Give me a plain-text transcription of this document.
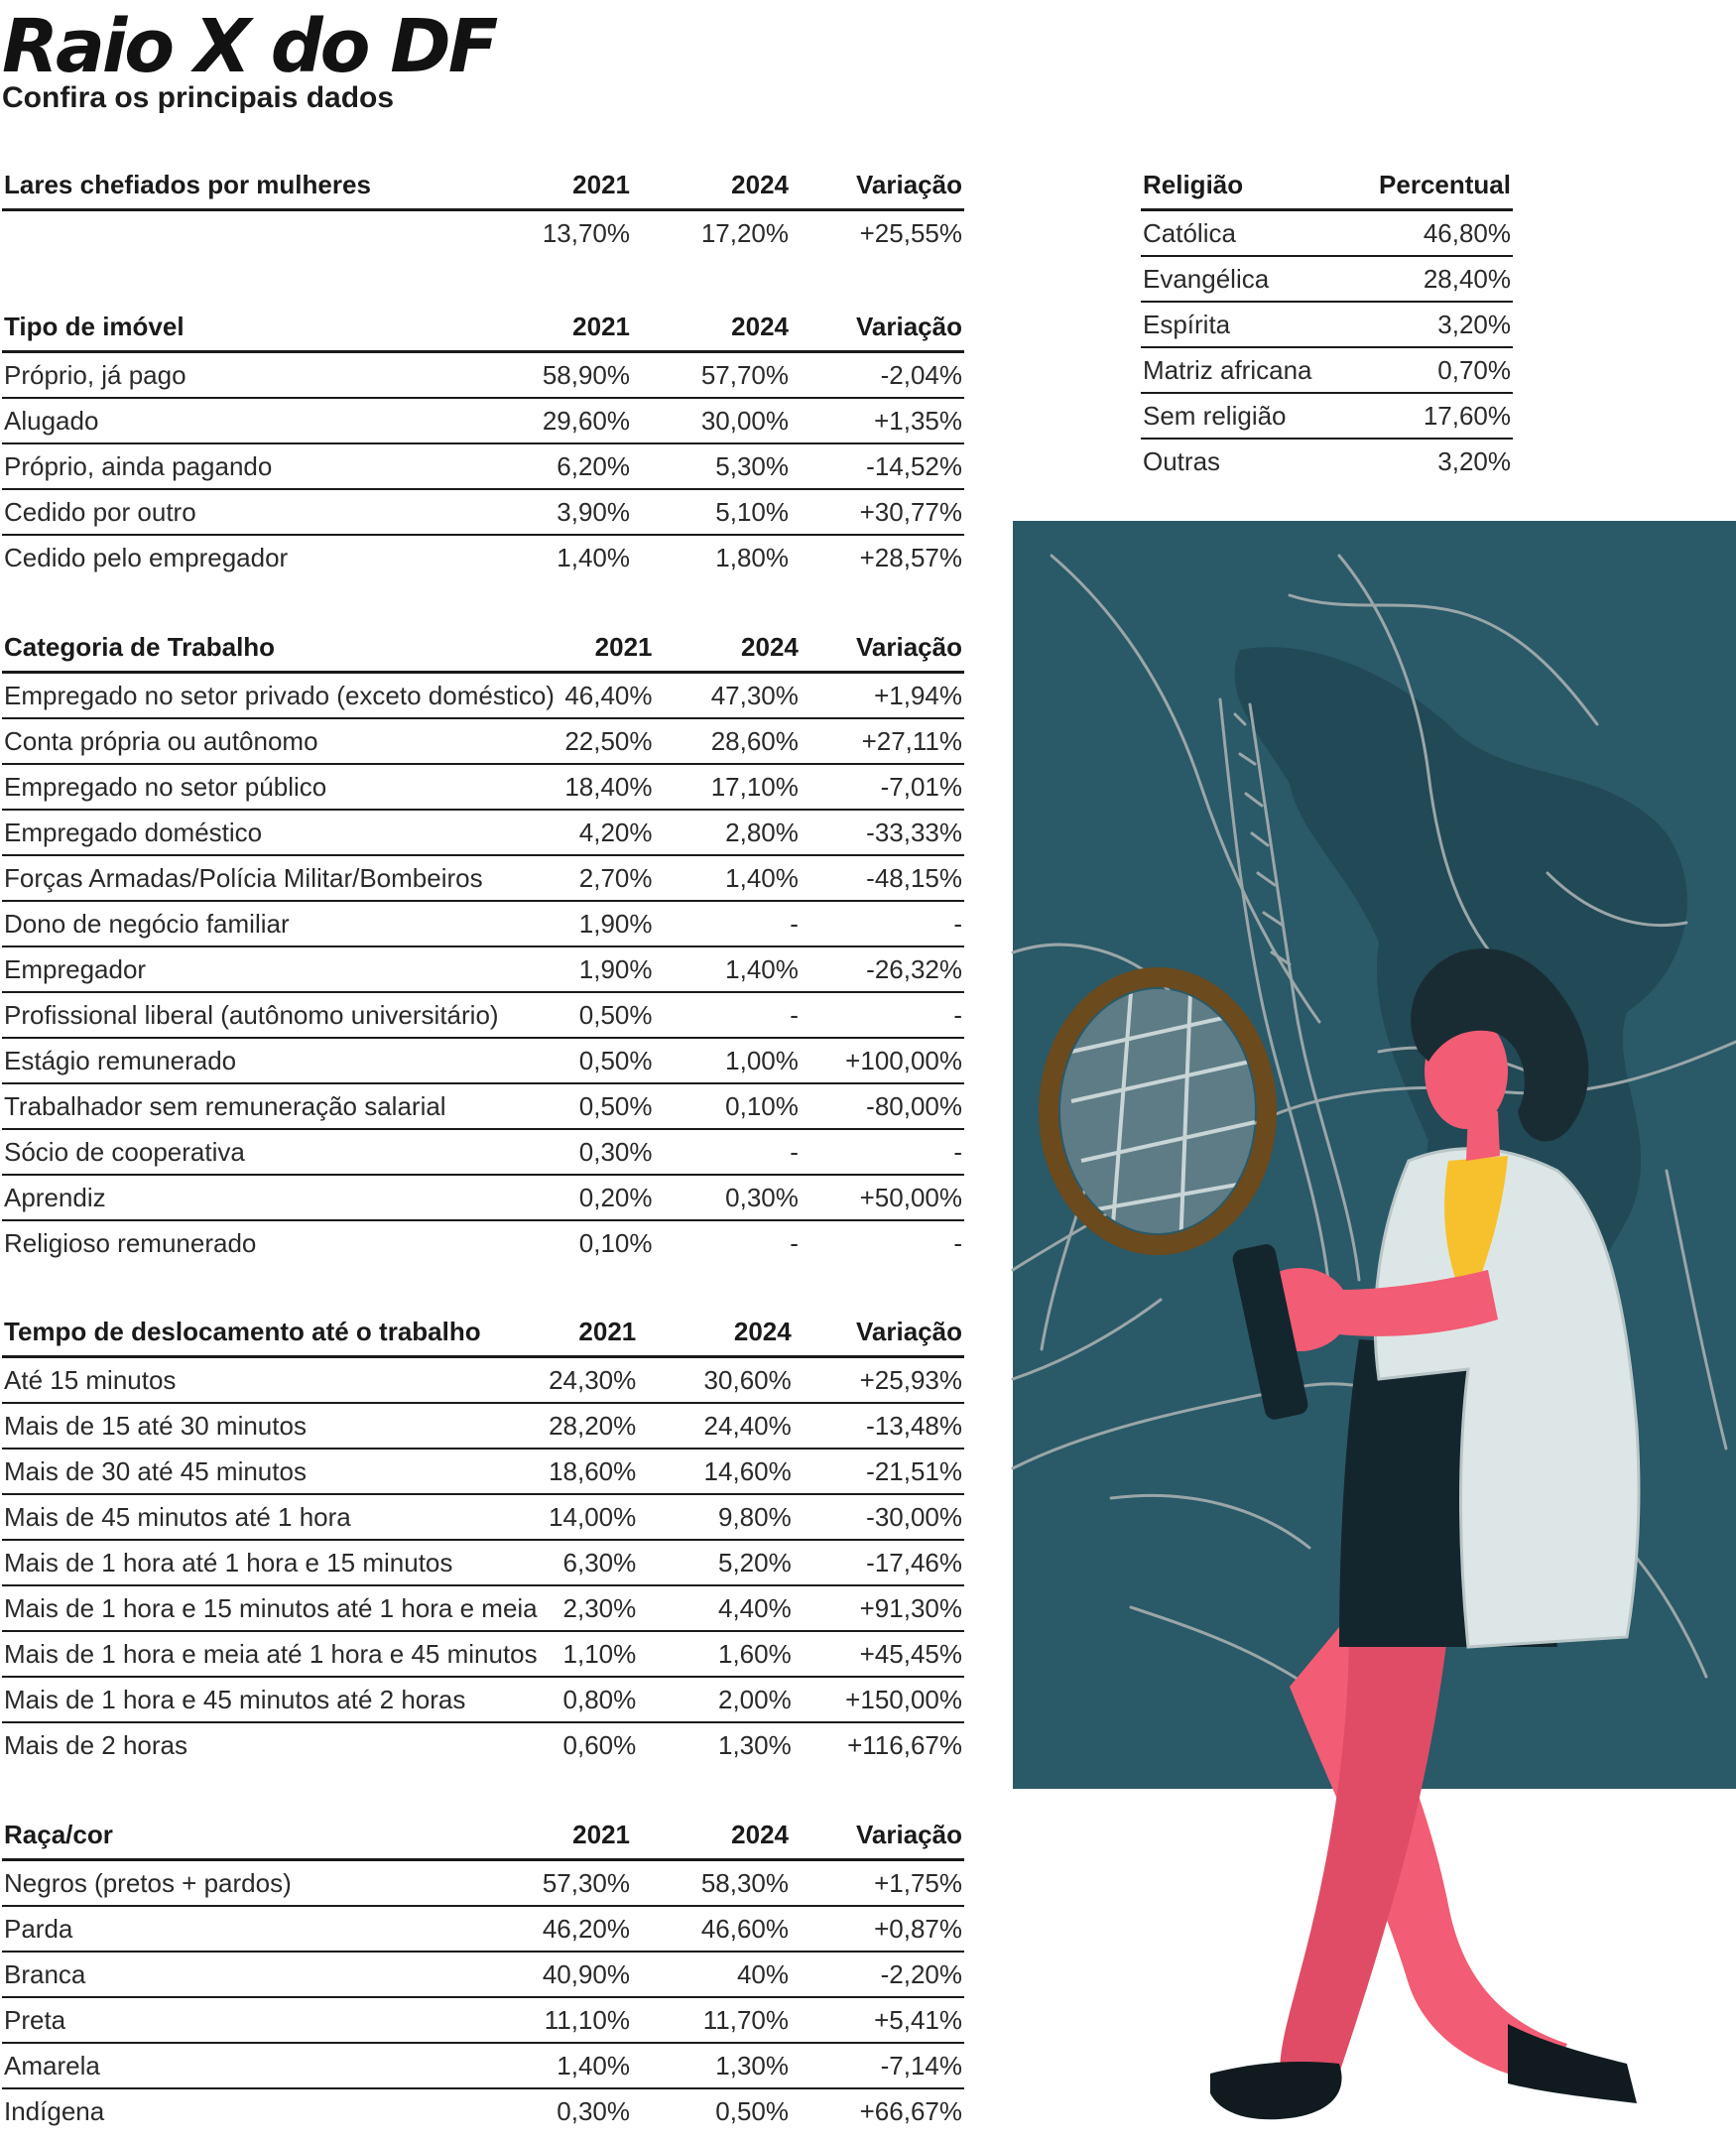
Raio X do DF
Confira os principais dados
Lares chefiados por mulheres	2021	2024	Variação
	13,70%	17,20%	+25,55%
Tipo de imóvel	2021	2024	Variação
Próprio, já pago	58,90%	57,70%	-2,04%
Alugado	29,60%	30,00%	+1,35%
Próprio, ainda pagando	6,20%	5,30%	-14,52%
Cedido por outro	3,90%	5,10%	+30,77%
Cedido pelo empregador	1,40%	1,80%	+28,57%
Categoria de Trabalho	2021	2024	Variação
Empregado no setor privado (exceto doméstico)	46,40%	47,30%	+1,94%
Conta própria ou autônomo	22,50%	28,60%	+27,11%
Empregado no setor público	18,40%	17,10%	-7,01%
Empregado doméstico	4,20%	2,80%	-33,33%
Forças Armadas/Polícia Militar/Bombeiros	2,70%	1,40%	-48,15%
Dono de negócio familiar	1,90%	-	-
Empregador	1,90%	1,40%	-26,32%
Profissional liberal (autônomo universitário)	0,50%	-	-
Estágio remunerado	0,50%	1,00%	+100,00%
Trabalhador sem remuneração salarial	0,50%	0,10%	-80,00%
Sócio de cooperativa	0,30%	-	-
Aprendiz	0,20%	0,30%	+50,00%
Religioso remunerado	0,10%	-	-
Tempo de deslocamento até o trabalho	2021	2024	Variação
Até 15 minutos	24,30%	30,60%	+25,93%
Mais de 15 até 30 minutos	28,20%	24,40%	-13,48%
Mais de 30 até 45 minutos	18,60%	14,60%	-21,51%
Mais de 45 minutos até 1 hora	14,00%	9,80%	-30,00%
Mais de 1 hora até 1 hora e 15 minutos	6,30%	5,20%	-17,46%
Mais de 1 hora e 15 minutos até 1 hora e meia	2,30%	4,40%	+91,30%
Mais de 1 hora e meia até 1 hora e 45 minutos	1,10%	1,60%	+45,45%
Mais de 1 hora e 45 minutos até 2 horas	0,80%	2,00%	+150,00%
Mais de 2 horas	0,60%	1,30%	+116,67%
Raça/cor	2021	2024	Variação
Negros (pretos + pardos)	57,30%	58,30%	+1,75%
Parda	46,20%	46,60%	+0,87%
Branca	40,90%	40%	-2,20%
Preta	11,10%	11,70%	+5,41%
Amarela	1,40%	1,30%	-7,14%
Indígena	0,30%	0,50%	+66,67%
Religião	Percentual
Católica	46,80%
Evangélica	28,40%
Espírita	3,20%
Matriz africana	0,70%
Sem religião	17,60%
Outras	3,20%
